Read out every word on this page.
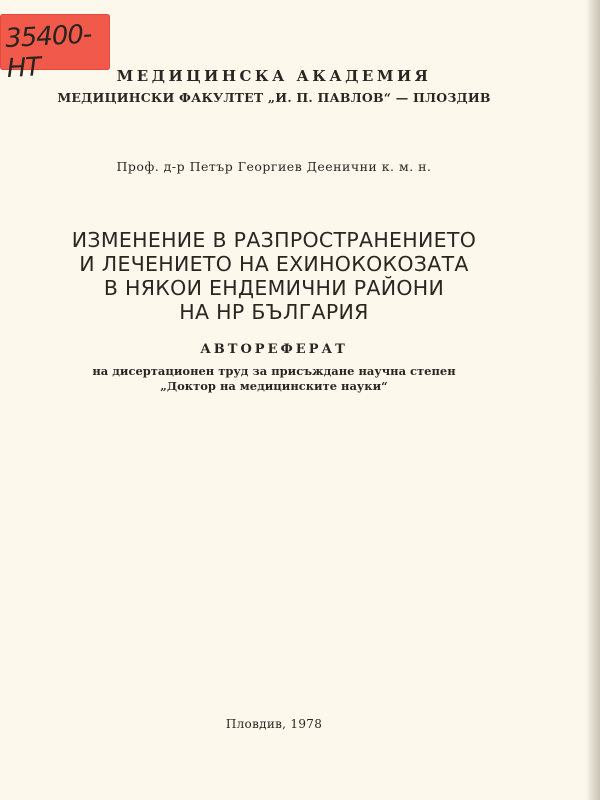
35400-НТ	МЕДИЦИНСКА АКАДЕМИЯ
МЕДИЦИНСКИ ФАКУЛТЕТ „И. П. ПАВЛОВ“ — ПЛОЗДИВ
Проф. д-р Петър Георгиев Деенични к. м. н.
ИЗМЕНЕНИЕ В РАЗПРОСТРАНЕНИЕТО
И ЛЕЧЕНИЕТО НА ЕХИНОКОКОЗАТА
В НЯКОИ ЕНДЕМИЧНИ РАЙОНИ
НА НР БЪЛГАРИЯ
АВТОРЕФЕРАТ
на дисертационен труд за присъждане научна степен
„Доктор на медицинските науки“
Пловдив, 1978
